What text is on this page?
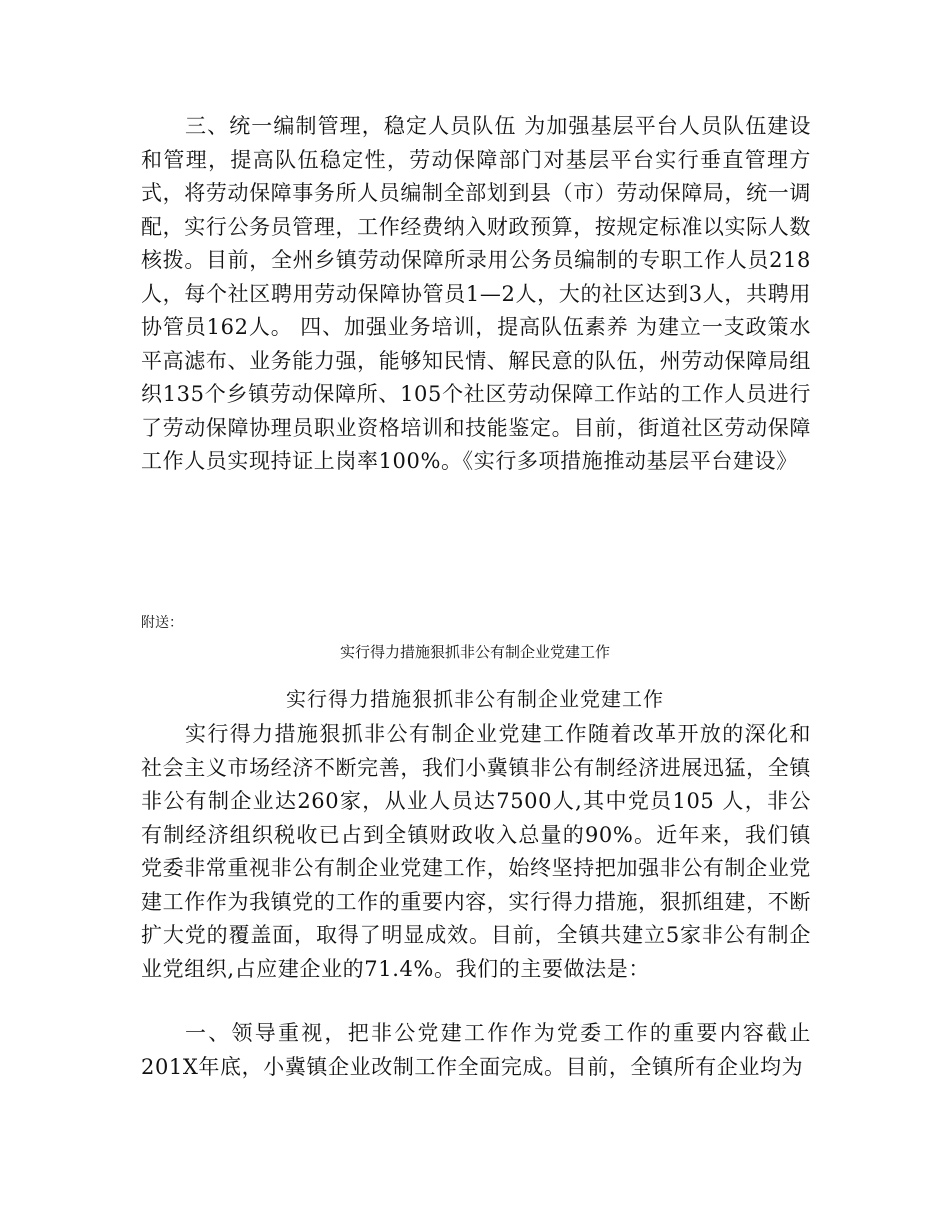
三、统一编制管理，稳定人员队伍 为加强基层平台人员队伍建设和管理，提高队伍稳定性，劳动保障部门对基层平台实行垂直管理方式，将劳动保障事务所人员编制全部划到县（市）劳动保障局，统一调配，实行公务员管理，工作经费纳入财政预算，按规定标准以实际人数核拨。目前，全州乡镇劳动保障所录用公务员编制的专职工作人员218人，每个社区聘用劳动保障协管员1—2人，大的社区达到3人，共聘用协管员162人。 四、加强业务培训，提高队伍素养 为建立一支政策水平高滤布、业务能力强，能够知民情、解民意的队伍，州劳动保障局组织135个乡镇劳动保障所、105个社区劳动保障工作站的工作人员进行了劳动保障协理员职业资格培训和技能鉴定。目前，街道社区劳动保障工作人员实现持证上岗率100%。《实行多项措施推动基层平台建设》

附送：

实行得力措施狠抓非公有制企业党建工作

实行得力措施狠抓非公有制企业党建工作

实行得力措施狠抓非公有制企业党建工作随着改革开放的深化和社会主义市场经济不断完善，我们小冀镇非公有制经济进展迅猛，全镇非公有制企业达260家，从业人员达7500人,其中党员105 人，非公有制经济组织税收已占到全镇财政收入总量的90%。近年来，我们镇党委非常重视非公有制企业党建工作，始终坚持把加强非公有制企业党建工作作为我镇党的工作的重要内容，实行得力措施，狠抓组建，不断扩大党的覆盖面，取得了明显成效。目前，全镇共建立5家非公有制企业党组织,占应建企业的71.4%。我们的主要做法是：

一、领导重视，把非公党建工作作为党委工作的重要内容截止201X年底，小冀镇企业改制工作全面完成。目前，全镇所有企业均为
